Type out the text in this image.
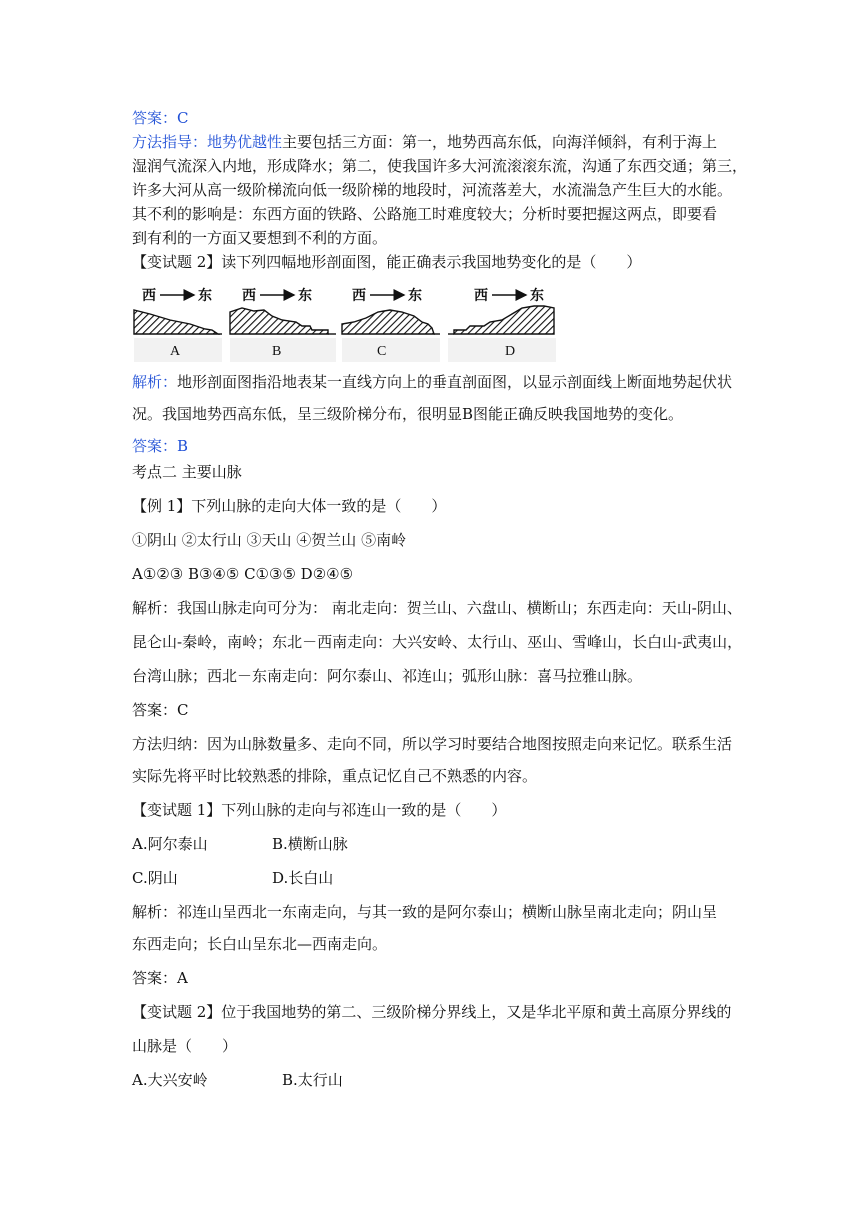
答案：C
方法指导：地势优越性主要包括三方面：第一，地势西高东低，向海洋倾斜，有利于海上
湿润气流深入内地，形成降水；第二，使我国许多大河流滚滚东流，沟通了东西交通；第三，
许多大河从高一级阶梯流向低一级阶梯的地段时，河流落差大，水流湍急产生巨大的水能。
其不利的影响是：东西方面的铁路、公路施工时难度较大；分析时要把握这两点，即要看
到有利的一方面又要想到不利的方面。
【变试题 2】读下列四幅地形剖面图，能正确表示我国地势变化的是（　　）
西	东
A
西	东
B
西	东
C
西	东
D
解析：地形剖面图指沿地表某一直线方向上的垂直剖面图，以显示剖面线上断面地势起伏状
况。我国地势西高东低，呈三级阶梯分布，很明显B图能正确反映我国地势的变化。
答案：B
考点二 主要山脉
【例 1】下列山脉的走向大体一致的是（　　）
①阴山 ②太行山 ③天山 ④贺兰山 ⑤南岭
A①②③ B③④⑤ C①③⑤ D②④⑤
解析：我国山脉走向可分为： 南北走向：贺兰山、六盘山、横断山；东西走向：天山-阴山、
昆仑山-秦岭，南岭；东北－西南走向：大兴安岭、太行山、巫山、雪峰山，长白山-武夷山，
台湾山脉；西北－东南走向：阿尔泰山、祁连山；弧形山脉：喜马拉雅山脉。
答案：C
方法归纳：因为山脉数量多、走向不同，所以学习时要结合地图按照走向来记忆。联系生活
实际先将平时比较熟悉的排除，重点记忆自己不熟悉的内容。
【变试题 1】下列山脉的走向与祁连山一致的是（　　）
A.阿尔泰山	B.横断山脉
C.阴山	D.长白山
解析：祁连山呈西北一东南走向，与其一致的是阿尔泰山；横断山脉呈南北走向；阴山呈
东西走向；长白山呈东北—西南走向。
答案：A
【变试题 2】位于我国地势的第二、三级阶梯分界线上，又是华北平原和黄土高原分界线的
山脉是（　　）
A.大兴安岭	B.太行山
